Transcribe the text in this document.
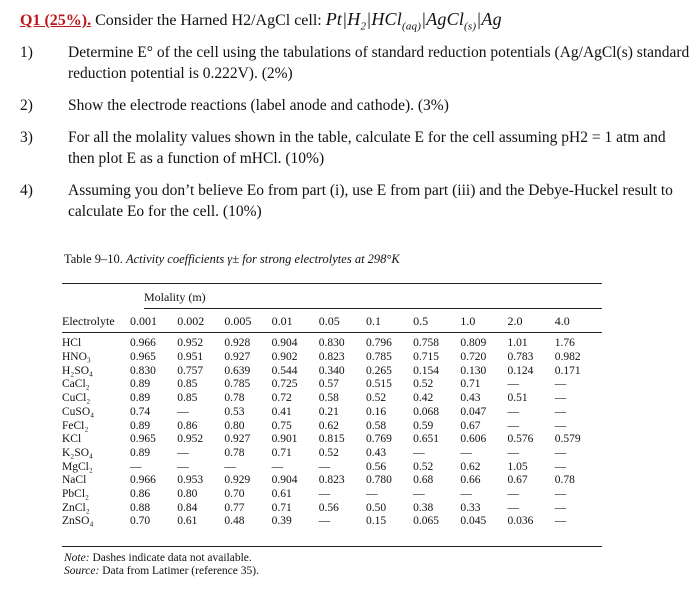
Q1 (25%). Consider the Harned H2/AgCl cell: $Pt|H_2|HCl_{(aq)}|AgCl_{(s)}|Ag$
1)	Determine E° of the cell using the tabulations of standard reduction potentials (Ag/AgCl(s) standard reduction potential is 0.222V). (2%)
2)	Show the electrode reactions (label anode and cathode). (3%)
3)	For all the molality values shown in the table, calculate E for the cell assuming pH2 = 1 atm and then plot E as a function of mHCl. (10%)
4)	Assuming you don’t believe Eo from part (i), use E from part (iii) and the Debye-Huckel result to calculate Eo for the cell. (10%)
Table 9–10. Activity coefficients γ± for strong electrolytes at 298°K
Molality (m)
Electrolyte	0.001	0.002	0.005	0.01	0.05	0.1	0.5	1.0	2.0	4.0
HCl	0.966	0.952	0.928	0.904	0.830	0.796	0.758	0.809	1.01	1.76
HNO₃	0.965	0.951	0.927	0.902	0.823	0.785	0.715	0.720	0.783	0.982
H₂SO₄	0.830	0.757	0.639	0.544	0.340	0.265	0.154	0.130	0.124	0.171
CaCl₂	0.89	0.85	0.785	0.725	0.57	0.515	0.52	0.71	—	—
CuCl₂	0.89	0.85	0.78	0.72	0.58	0.52	0.42	0.43	0.51	—
CuSO₄	0.74	—	0.53	0.41	0.21	0.16	0.068	0.047	—	—
FeCl₂	0.89	0.86	0.80	0.75	0.62	0.58	0.59	0.67	—	—
KCl	0.965	0.952	0.927	0.901	0.815	0.769	0.651	0.606	0.576	0.579
K₂SO₄	0.89	—	0.78	0.71	0.52	0.43	—	—	—	—
MgCl₂	—	—	—	—	—	0.56	0.52	0.62	1.05	—
NaCl	0.966	0.953	0.929	0.904	0.823	0.780	0.68	0.66	0.67	0.78
PbCl₂	0.86	0.80	0.70	0.61	—	—	—	—	—	—
ZnCl₂	0.88	0.84	0.77	0.71	0.56	0.50	0.38	0.33	—	—
ZnSO₄	0.70	0.61	0.48	0.39	—	0.15	0.065	0.045	0.036	—
Note: Dashes indicate data not available.
Source: Data from Latimer (reference 35).
